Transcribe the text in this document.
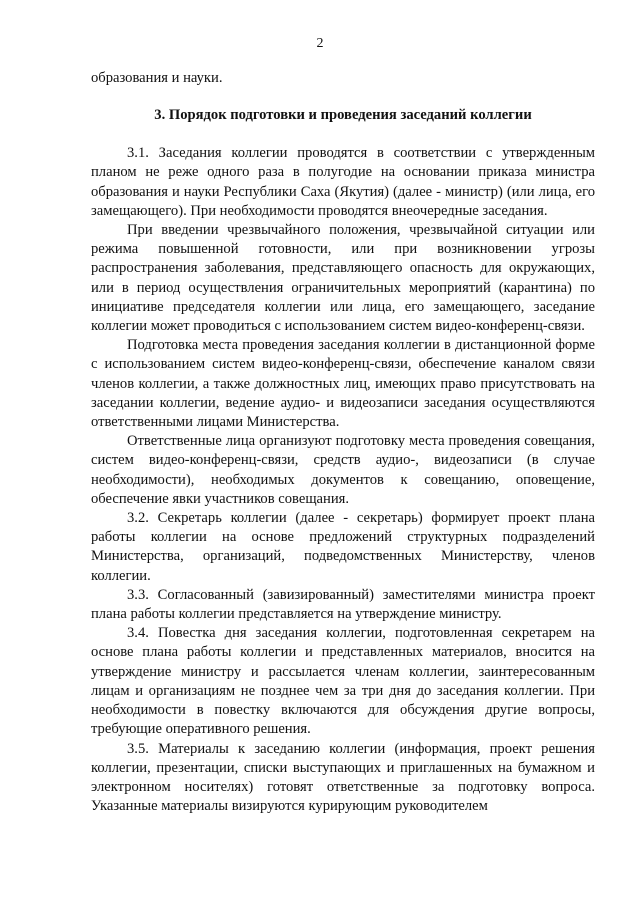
2

образования и науки.

3. Порядок подготовки и проведения заседаний коллегии

3.1. Заседания коллегии проводятся в соответствии с утвержденным планом не реже одного раза в полугодие на основании приказа министра образования и науки Республики Саха (Якутия) (далее - министр) (или лица, его замещающего). При необходимости проводятся внеочередные заседания.

При введении чрезвычайного положения, чрезвычайной ситуации или режима повышенной готовности, или при возникновении угрозы распространения заболевания, представляющего опасность для окружающих, или в период осуществления ограничительных мероприятий (карантина) по инициативе председателя коллегии или лица, его замещающего, заседание коллегии может проводиться с использованием систем видео-конференц-связи.

Подготовка места проведения заседания коллегии в дистанционной форме с использованием систем видео-конференц-связи, обеспечение каналом связи членов коллегии, а также должностных лиц, имеющих право присутствовать на заседании коллегии, ведение аудио- и видеозаписи заседания осуществляются ответственными лицами Министерства.

Ответственные лица организуют подготовку места проведения совещания, систем видео-конференц-связи, средств аудио-, видеозаписи (в случае необходимости), необходимых документов к совещанию, оповещение, обеспечение явки участников совещания.

3.2. Секретарь коллегии (далее - секретарь) формирует проект плана работы коллегии на основе предложений структурных подразделений Министерства, организаций, подведомственных Министерству, членов коллегии.

3.3. Согласованный (завизированный) заместителями министра проект плана работы коллегии представляется на утверждение министру.

3.4. Повестка дня заседания коллегии, подготовленная секретарем на основе плана работы коллегии и представленных материалов, вносится на утверждение министру и рассылается членам коллегии, заинтересованным лицам и организациям не позднее чем за три дня до заседания коллегии. При необходимости в повестку включаются для обсуждения другие вопросы, требующие оперативного решения.

3.5. Материалы к заседанию коллегии (информация, проект решения коллегии, презентации, списки выступающих и приглашенных на бумажном и электронном носителях) готовят ответственные за подготовку вопроса. Указанные материалы визируются курирующим руководителем
